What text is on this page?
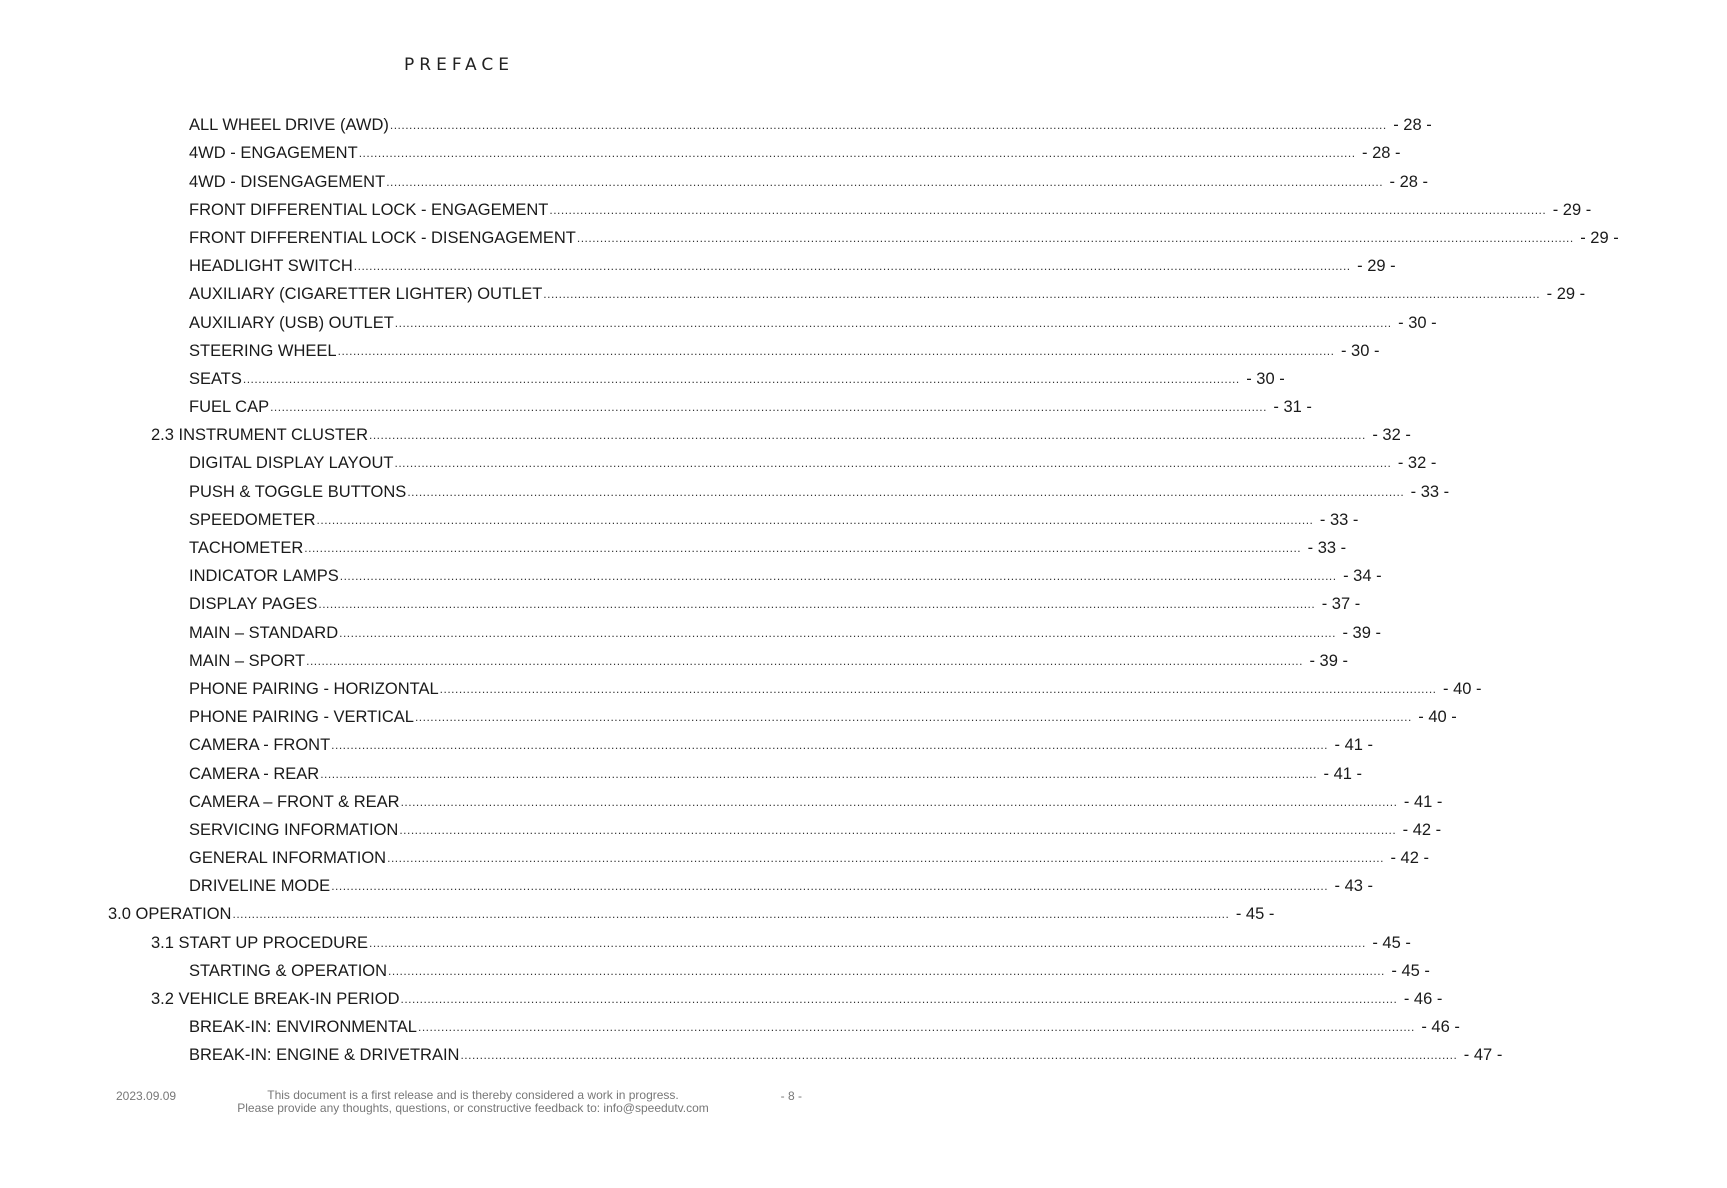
PREFACE
ALL WHEEL DRIVE (AWD) .................................................................................................................................................................................................................................................................... - 28 -
4WD - ENGAGEMENT .................................................................................................................................................................................................................................................................... - 28 -
4WD - DISENGAGEMENT .................................................................................................................................................................................................................................................................... - 28 -
FRONT DIFFERENTIAL LOCK - ENGAGEMENT .................................................................................................................................................................................................................................................................... - 29 -
FRONT DIFFERENTIAL LOCK - DISENGAGEMENT .................................................................................................................................................................................................................................................................... - 29 -
HEADLIGHT SWITCH .................................................................................................................................................................................................................................................................... - 29 -
AUXILIARY (CIGARETTER LIGHTER) OUTLET .................................................................................................................................................................................................................................................................... - 29 -
AUXILIARY (USB) OUTLET .................................................................................................................................................................................................................................................................... - 30 -
STEERING WHEEL .................................................................................................................................................................................................................................................................... - 30 -
SEATS .................................................................................................................................................................................................................................................................... - 30 -
FUEL CAP .................................................................................................................................................................................................................................................................... - 31 -
2.3 INSTRUMENT CLUSTER .................................................................................................................................................................................................................................................................... - 32 -
DIGITAL DISPLAY LAYOUT .................................................................................................................................................................................................................................................................... - 32 -
PUSH & TOGGLE BUTTONS .................................................................................................................................................................................................................................................................... - 33 -
SPEEDOMETER .................................................................................................................................................................................................................................................................... - 33 -
TACHOMETER .................................................................................................................................................................................................................................................................... - 33 -
INDICATOR LAMPS .................................................................................................................................................................................................................................................................... - 34 -
DISPLAY PAGES .................................................................................................................................................................................................................................................................... - 37 -
MAIN – STANDARD .................................................................................................................................................................................................................................................................... - 39 -
MAIN – SPORT .................................................................................................................................................................................................................................................................... - 39 -
PHONE PAIRING - HORIZONTAL .................................................................................................................................................................................................................................................................... - 40 -
PHONE PAIRING - VERTICAL .................................................................................................................................................................................................................................................................... - 40 -
CAMERA - FRONT .................................................................................................................................................................................................................................................................... - 41 -
CAMERA - REAR .................................................................................................................................................................................................................................................................... - 41 -
CAMERA – FRONT & REAR .................................................................................................................................................................................................................................................................... - 41 -
SERVICING INFORMATION .................................................................................................................................................................................................................................................................... - 42 -
GENERAL INFORMATION .................................................................................................................................................................................................................................................................... - 42 -
DRIVELINE MODE .................................................................................................................................................................................................................................................................... - 43 -
3.0 OPERATION .................................................................................................................................................................................................................................................................... - 45 -
3.1 START UP PROCEDURE .................................................................................................................................................................................................................................................................... - 45 -
STARTING & OPERATION .................................................................................................................................................................................................................................................................... - 45 -
3.2 VEHICLE BREAK-IN PERIOD .................................................................................................................................................................................................................................................................... - 46 -
BREAK-IN: ENVIRONMENTAL .................................................................................................................................................................................................................................................................... - 46 -
BREAK-IN: ENGINE & DRIVETRAIN .................................................................................................................................................................................................................................................................... - 47 -
2023.09.09	This document is a first release and is thereby considered a work in progress.
Please provide any thoughts, questions, or constructive feedback to: info@speedutv.com
- 8 -
